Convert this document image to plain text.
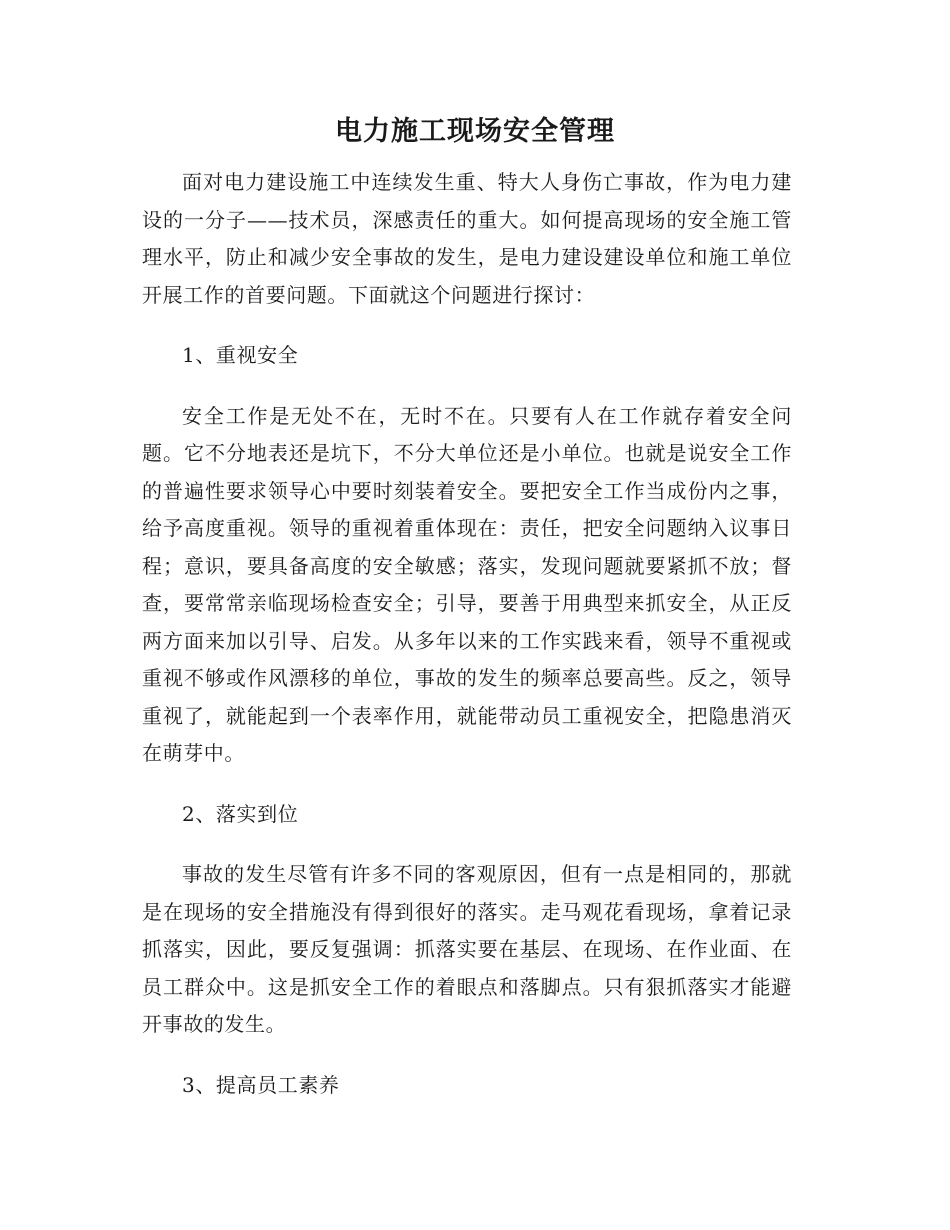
电力施工现场安全管理

面对电力建设施工中连续发生重、特大人身伤亡事故，作为电力建设的一分子——技术员，深感责任的重大。如何提高现场的安全施工管理水平，防止和减少安全事故的发生，是电力建设建设单位和施工单位开展工作的首要问题。下面就这个问题进行探讨：

1、重视安全

安全工作是无处不在，无时不在。只要有人在工作就存着安全问题。它不分地表还是坑下，不分大单位还是小单位。也就是说安全工作的普遍性要求领导心中要时刻装着安全。要把安全工作当成份内之事，给予高度重视。领导的重视着重体现在：责任，把安全问题纳入议事日程；意识，要具备高度的安全敏感；落实，发现问题就要紧抓不放；督查，要常常亲临现场检查安全；引导，要善于用典型来抓安全，从正反两方面来加以引导、启发。从多年以来的工作实践来看，领导不重视或重视不够或作风漂移的单位，事故的发生的频率总要高些。反之，领导重视了，就能起到一个表率作用，就能带动员工重视安全，把隐患消灭在萌芽中。

2、落实到位

事故的发生尽管有许多不同的客观原因，但有一点是相同的，那就是在现场的安全措施没有得到很好的落实。走马观花看现场，拿着记录抓落实，因此，要反复强调：抓落实要在基层、在现场、在作业面、在员工群众中。这是抓安全工作的着眼点和落脚点。只有狠抓落实才能避开事故的发生。

3、提高员工素养
